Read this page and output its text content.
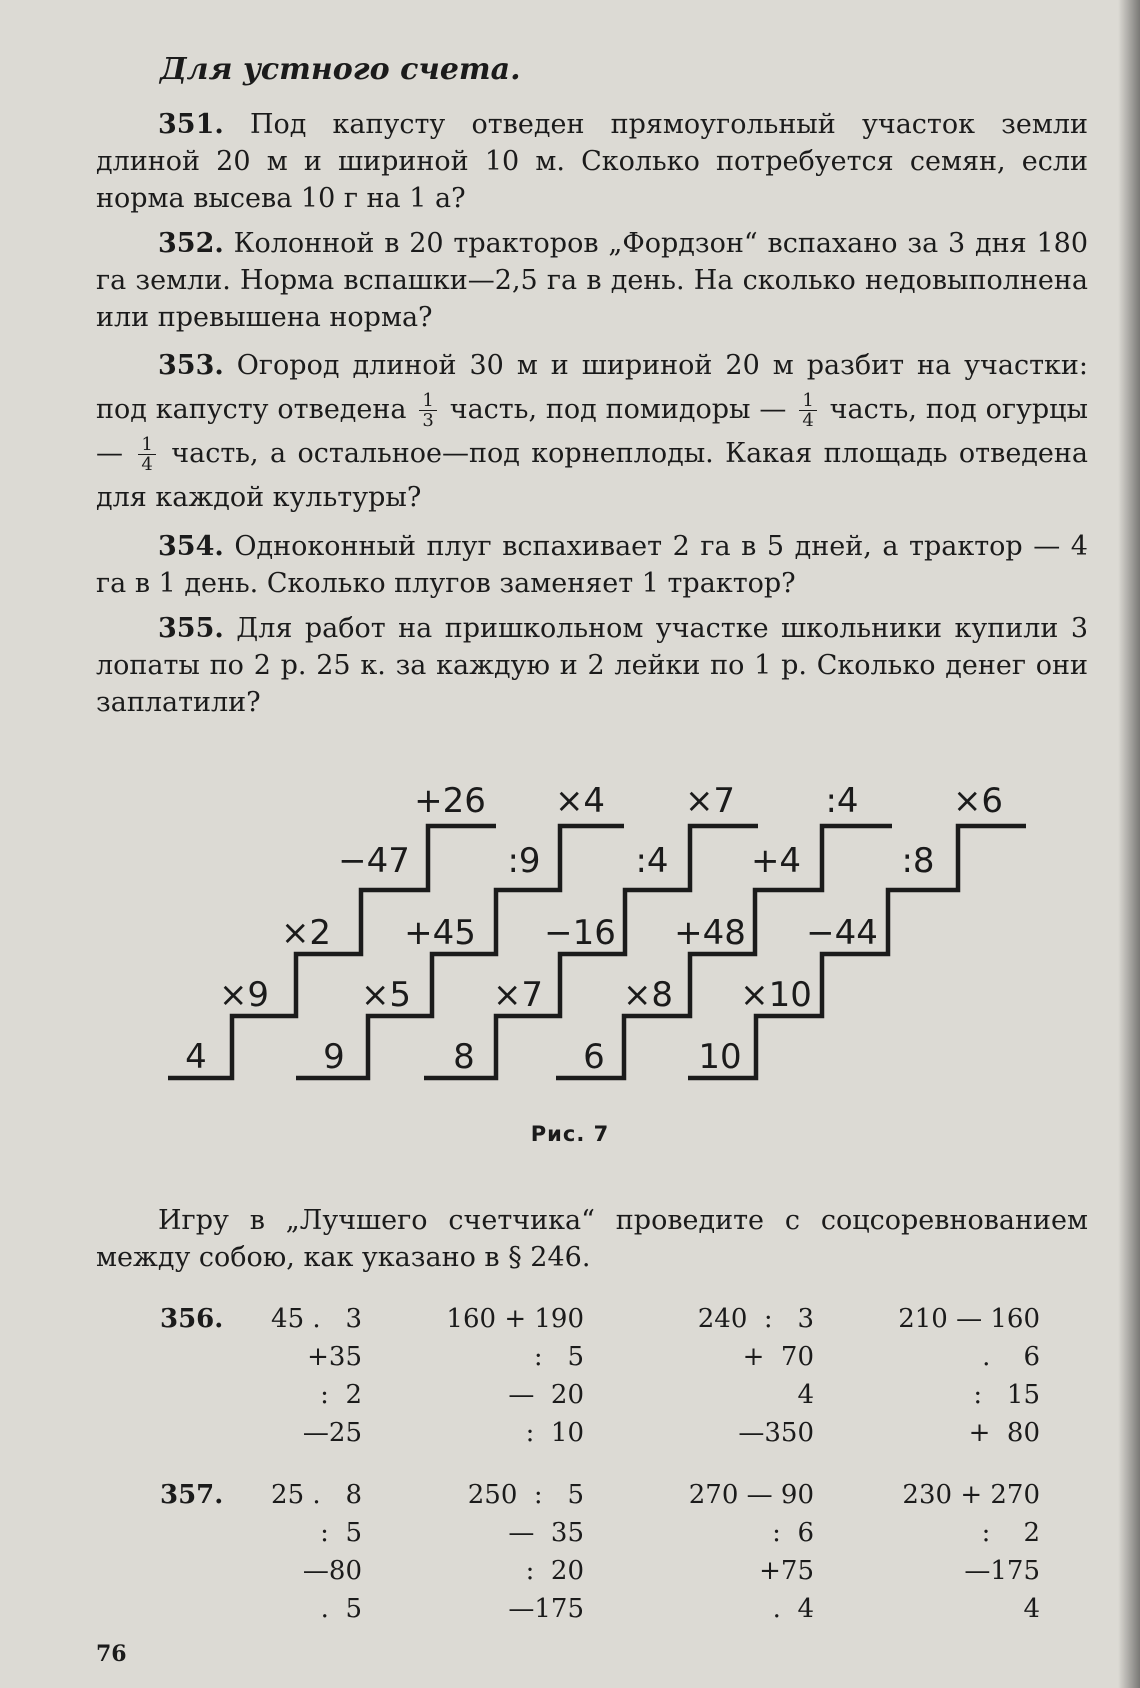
Для устного счета.

351. Под капусту отведен прямоугольный участок земли длиной 20 м и шириной 10 м. Сколько потребуется семян, если норма высева 10 г на 1 а?

352. Колонной в 20 тракторов „Фордзон“ вспахано за 3 дня 180 га земли. Норма вспашки—2,5 га в день. На сколько недовыполнена или превышена норма?

353. Огород длиной 30 м и шириной 20 м разбит на участки: под капусту отведена $\frac{1}{3}$ часть, под помидоры — $\frac{1}{4}$ часть, под огурцы — $\frac{1}{4}$ часть, а остальное—под корнеплоды. Какая площадь отведена для каждой культуры?

354. Одноконный плуг вспахивает 2 га в 5 дней, а трактор — 4 га в 1 день. Сколько плугов заменяет 1 трактор?

355. Для работ на пришкольном участке школьники купили 3 лопаты по 2 р. 25 к. за каждую и 2 лейки по 1 р. Сколько денег они заплатили?

4
×9
×2
−47
+26
9
×5
+45
:9
×4
8
×7
−16
:4
×7
6
×8
+48
+4
:4
10
×10
−44
:8
×6
Рис. 7
Игру в „Лучшего счетчика“ проведите с соцсоревнованием между собою, как указано в § 246.
356.	45 .   3
+35
:  2
—25
160 + 190
:   5
—  20
:  10
240  :   3
+  70
4
—350
210 — 160
.    6
:   15
+  80
357.	25 .   8
:  5
—80
.  5
250  :   5
—  35
:  20
—175
270 — 90
:  6
+75
.  4
230 + 270
:    2
—175
4
76
